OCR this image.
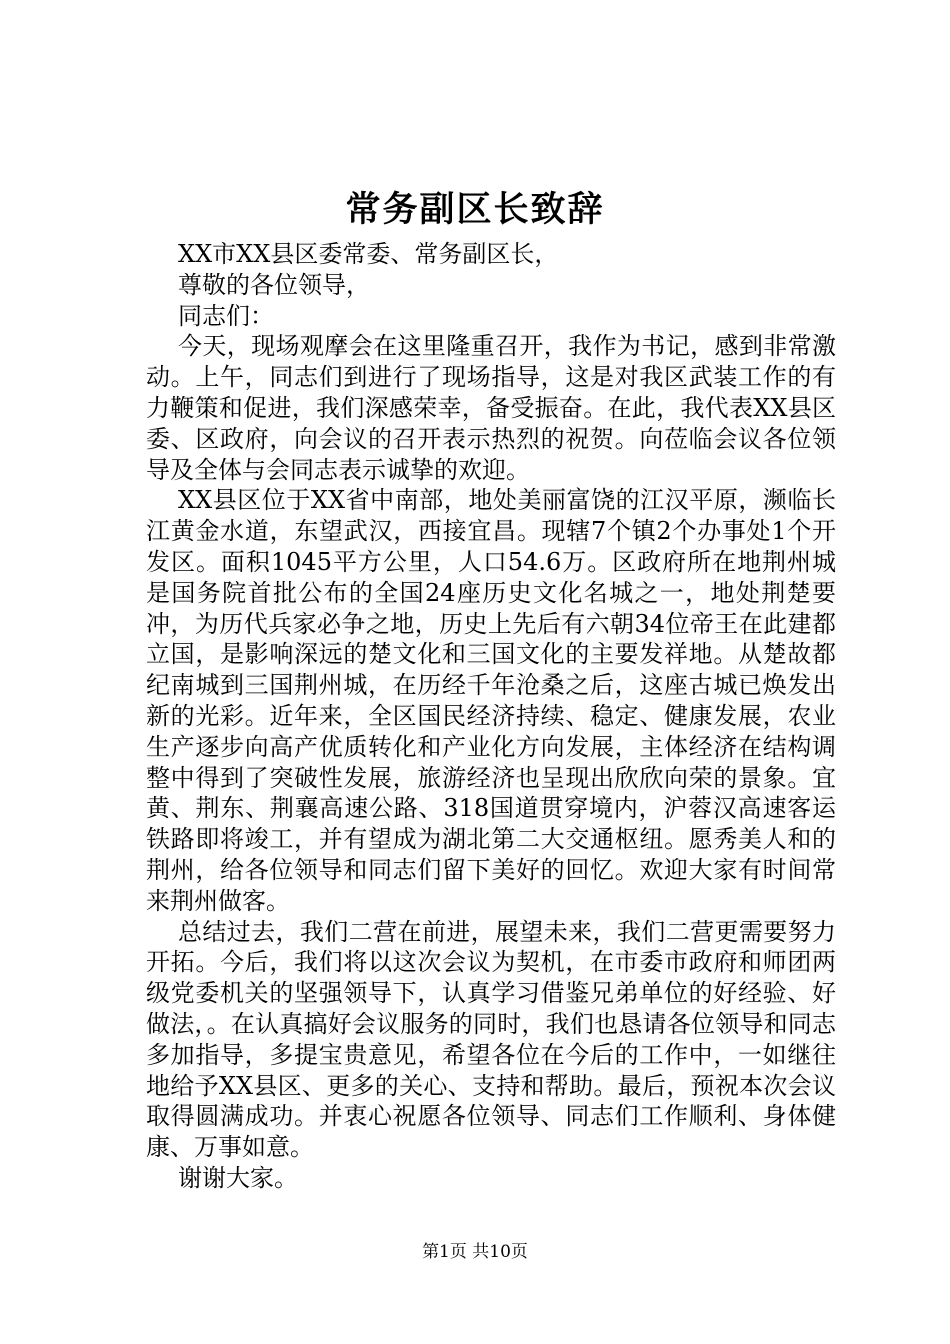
常务副区长致辞

XX市XX县区委常委、常务副区长，

尊敬的各位领导，

同志们：

今天，现场观摩会在这里隆重召开，我作为书记，感到非常激动。上午，同志们到进行了现场指导，这是对我区武装工作的有力鞭策和促进，我们深感荣幸，备受振奋。在此，我代表XX县区委、区政府，向会议的召开表示热烈的祝贺。向莅临会议各位领导及全体与会同志表示诚挚的欢迎。

XX县区位于XX省中南部，地处美丽富饶的江汉平原，濒临长江黄金水道，东望武汉，西接宜昌。现辖7个镇2个办事处1个开发区。面积1045平方公里，人口54.6万。区政府所在地荆州城是国务院首批公布的全国24座历史文化名城之一，地处荆楚要冲，为历代兵家必争之地，历史上先后有六朝34位帝王在此建都立国，是影响深远的楚文化和三国文化的主要发祥地。从楚故都纪南城到三国荆州城，在历经千年沧桑之后，这座古城已焕发出新的光彩。近年来，全区国民经济持续、稳定、健康发展，农业生产逐步向高产优质转化和产业化方向发展，主体经济在结构调整中得到了突破性发展，旅游经济也呈现出欣欣向荣的景象。宜黄、荆东、荆襄高速公路、318国道贯穿境内，沪蓉汉高速客运铁路即将竣工，并有望成为湖北第二大交通枢纽。愿秀美人和的荆州，给各位领导和同志们留下美好的回忆。欢迎大家有时间常来荆州做客。

总结过去，我们二营在前进，展望未来，我们二营更需要努力开拓。今后，我们将以这次会议为契机，在市委市政府和师团两级党委机关的坚强领导下，认真学习借鉴兄弟单位的好经验、好做法，。在认真搞好会议服务的同时，我们也恳请各位领导和同志多加指导，多提宝贵意见，希望各位在今后的工作中，一如继往地给予XX县区、更多的关心、支持和帮助。最后，预祝本次会议取得圆满成功。并衷心祝愿各位领导、同志们工作顺利、身体健康、万事如意。

谢谢大家。

第1页 共10页
